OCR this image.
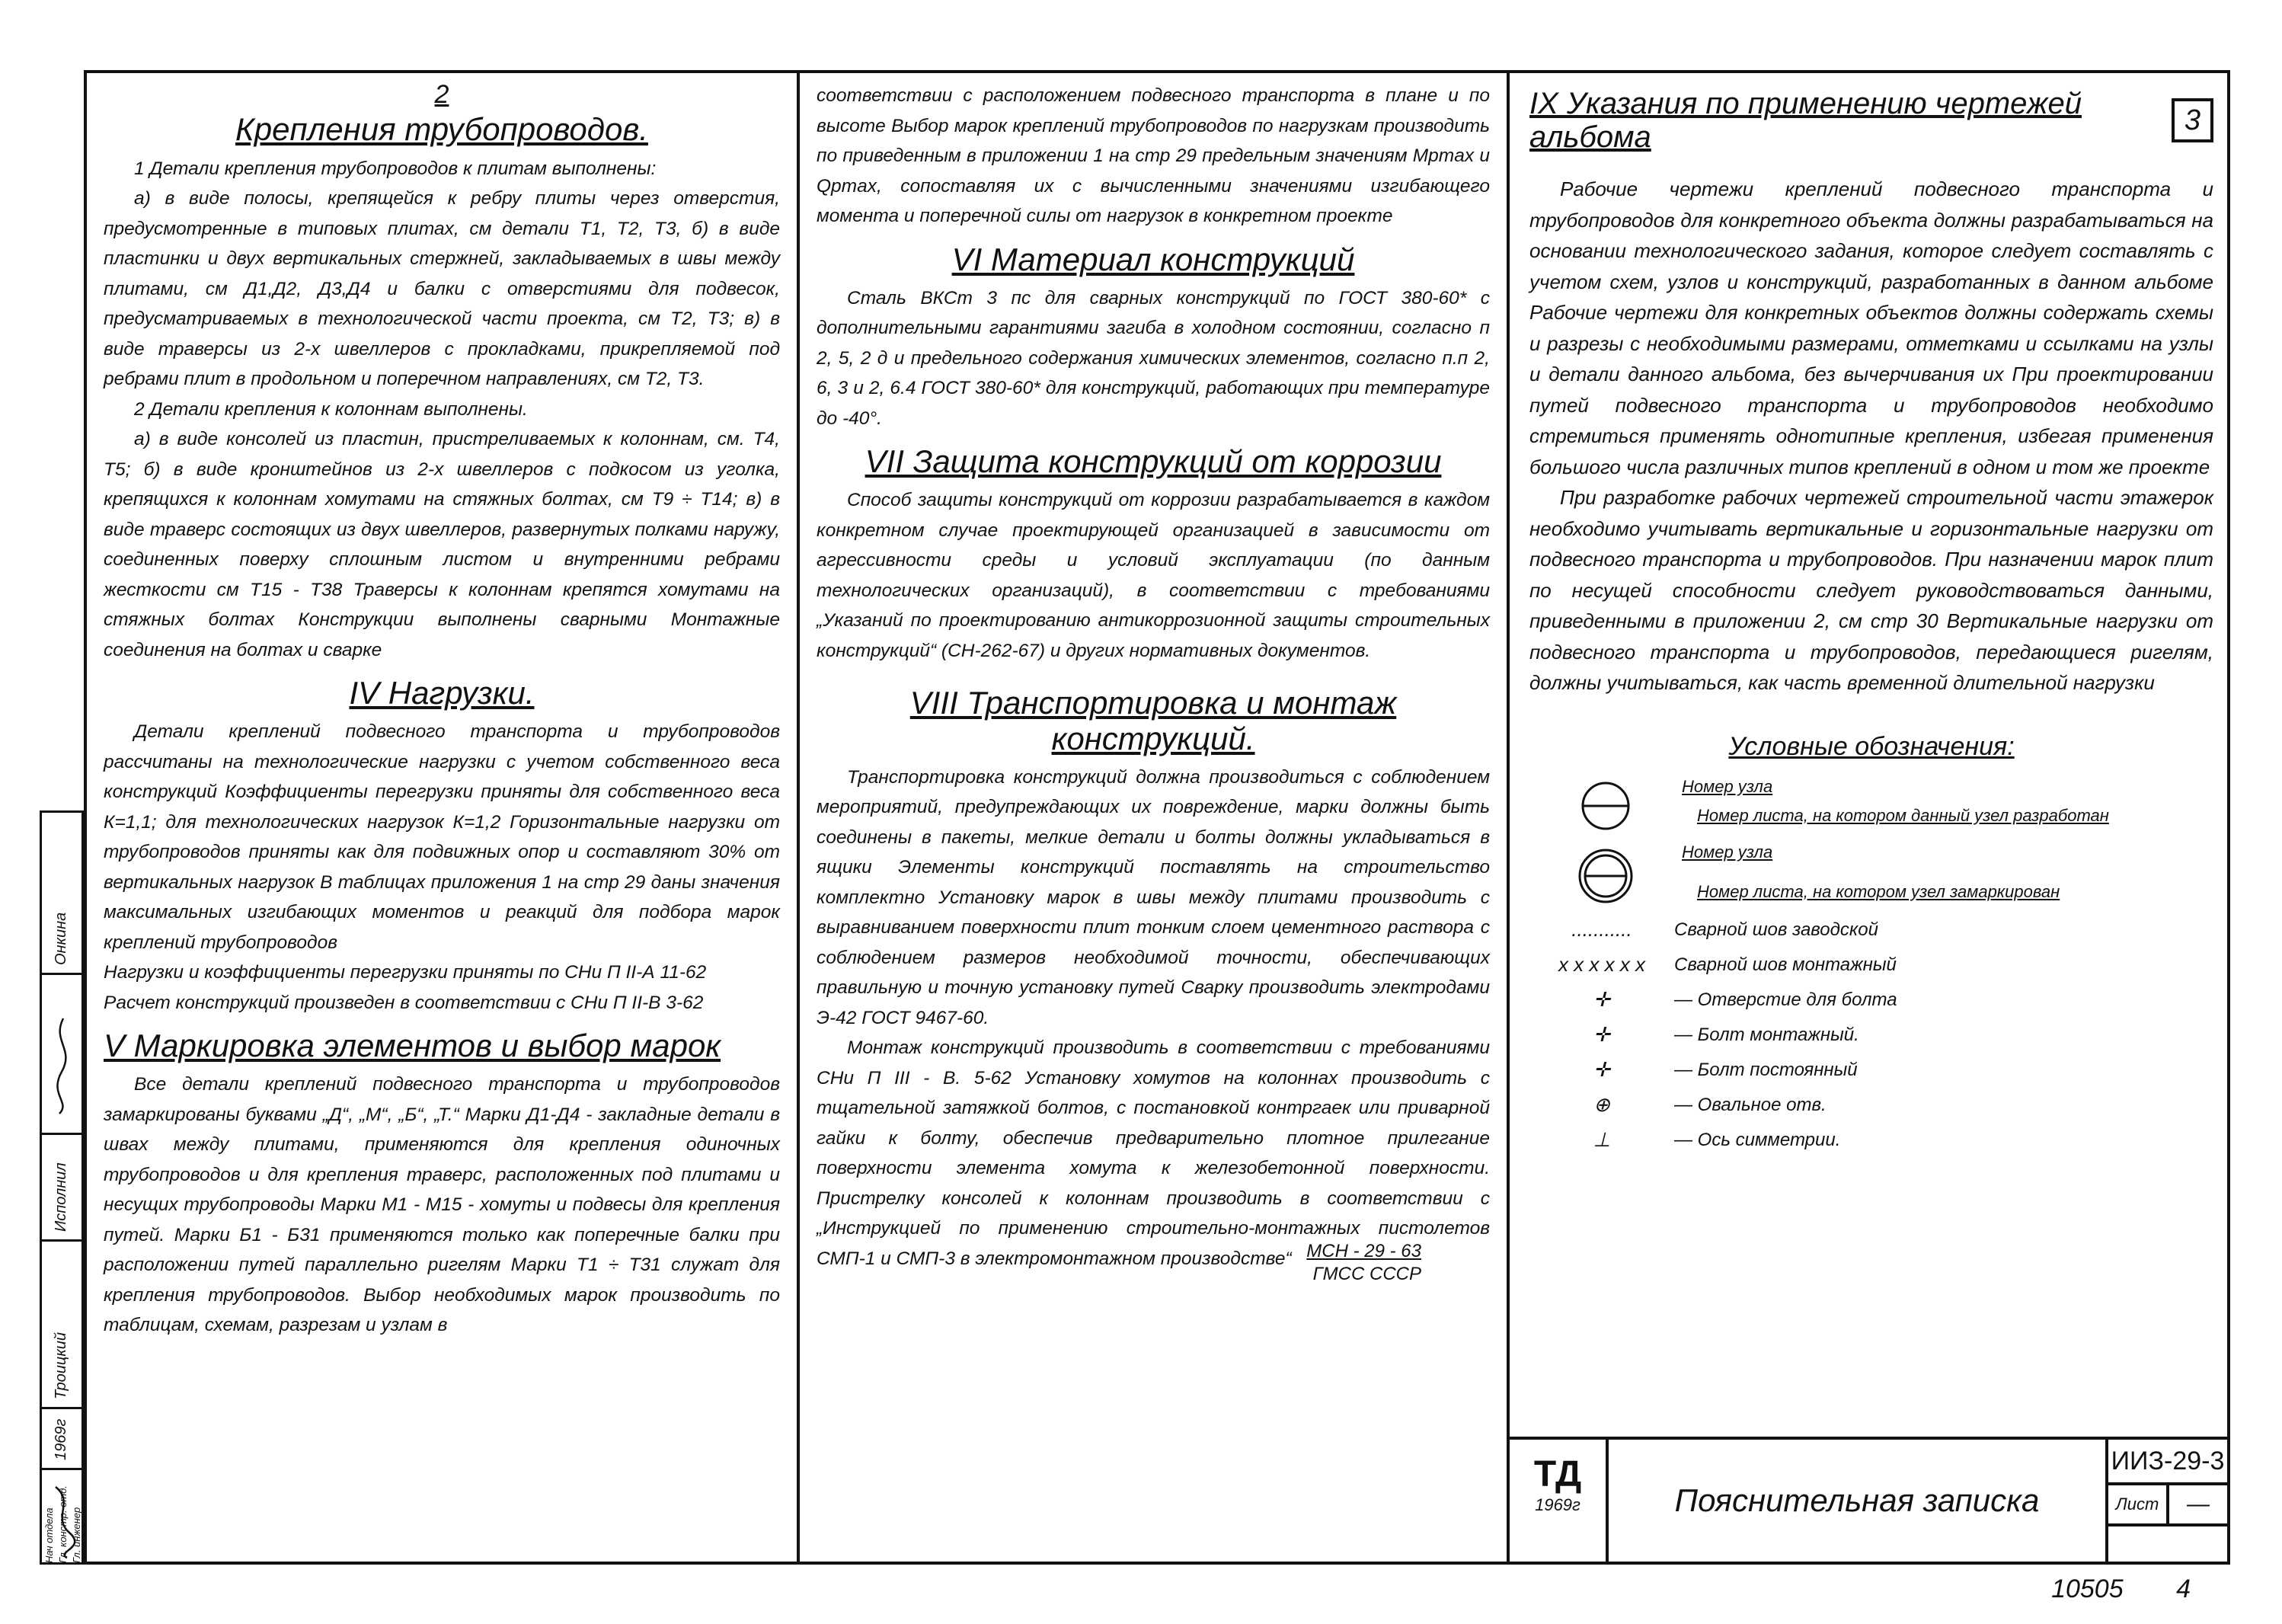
2

Крепления трубопроводов.

1 Детали крепления трубопроводов к плитам выполнены:

а) в виде полосы, крепящейся к ребру плиты через отверстия, предусмотренные в типовых плитах, см детали Т1, Т2, Т3, б) в виде пластинки и двух вертикальных стержней, закладываемых в швы между плитами, см Д1,Д2, Д3,Д4 и балки с отверстиями для подвесок, предусматриваемых в технологической части проекта, см Т2, Т3; в) в виде траверсы из 2-х швеллеров с прокладками, прикрепляемой под ребрами плит в продольном и поперечном направлениях, см Т2, Т3.

2 Детали крепления к колоннам выполнены.

а) в виде консолей из пластин, пристреливаемых к колоннам, см. Т4, Т5; б) в виде кронштейнов из 2-х швеллеров с подкосом из уголка, крепящихся к колоннам хомутами на стяжных болтах, см Т9 ÷ Т14; в) в виде траверс состоящих из двух швеллеров, развернутых полками наружу, соединенных поверху сплошным листом и внутренними ребрами жесткости см Т15 - Т38 Траверсы к колоннам крепятся хомутами на стяжных болтах Конструкции выполнены сварными Монтажные соединения на болтах и сварке

IV Нагрузки.

Детали креплений подвесного транспорта и трубопроводов рассчитаны на технологические нагрузки с учетом собственного веса конструкций Коэффициенты перегрузки приняты для собственного веса К=1,1; для технологических нагрузок К=1,2 Горизонтальные нагрузки от трубопроводов приняты как для подвижных опор и составляют 30% от вертикальных нагрузок В таблицах приложения 1 на стр 29 даны значения максимальных изгибающих моментов и реакций для подбора марок креплений трубопроводов

Нагрузки и коэффициенты перегрузки приняты по СНи П II-А 11-62

Расчет конструкций произведен в соответствии с СНи П II-В 3-62

V Маркировка элементов и выбор марок

Все детали креплений подвесного транспорта и трубопроводов замаркированы буквами „Д“, „М“, „Б“, „Т.“ Марки Д1-Д4 - закладные детали в швах между плитами, применяются для крепления одиночных трубопроводов и для крепления траверс, расположенных под плитами и несущих трубопроводы Марки М1 - М15 - хомуты и подвесы для крепления путей. Марки Б1 - Б31 применяются только как поперечные балки при расположении путей параллельно ригелям Марки Т1 ÷ Т31 служат для крепления трубопроводов. Выбор необходимых марок производить по таблицам, схемам, разрезам и узлам в

соответствии с расположением подвесного транспорта в плане и по высоте Выбор марок креплений трубопроводов по нагрузкам производить по приведенным в приложении 1 на стр 29 предельным значениям Мрmax и Qрmax, сопоставляя их с вычисленными значениями изгибающего момента и поперечной силы от нагрузок в конкретном проекте

VI Материал конструкций

Сталь ВКСт 3 пс для сварных конструкций по ГОСТ 380-60* с дополнительными гарантиями загиба в холодном состоянии, согласно п 2, 5, 2 д и предельного содержания химических элементов, согласно п.п 2, 6, 3 и 2, 6.4 ГОСТ 380-60* для конструкций, работающих при температуре до -40°.

VII Защита конструкций от коррозии

Способ защиты конструкций от коррозии разрабатывается в каждом конкретном случае проектирующей организацией в зависимости от агрессивности среды и условий эксплуатации (по данным технологических организаций), в соответствии с требованиями „Указаний по проектированию антикоррозионной защиты строительных конструкций“ (СН-262-67) и других нормативных документов.

VIII Транспортировка и монтаж конструкций.

Транспортировка конструкций должна производиться с соблюдением мероприятий, предупреждающих их повреждение, марки должны быть соединены в пакеты, мелкие детали и болты должны укладываться в ящики Элементы конструкций поставлять на строительство комплектно Установку марок в швы между плитами производить с выравниванием поверхности плит тонким слоем цементного раствора с соблюдением размеров необходимой точности, обеспечивающих правильную и точную установку путей Сварку производить электродами Э-42 ГОСТ 9467-60.

Монтаж конструкций производить в соответствии с требованиями СНи П III - В. 5-62 Установку хомутов на колоннах производить с тщательной затяжкой болтов, с постановкой контргаек или приварной гайки к болту, обеспечив предварительно плотное прилегание поверхности элемента хомута к железобетонной поверхности. Пристрелку консолей к колоннам производить в соответствии с „Инструкцией по применению строительно-монтажных пистолетов СМП-1 и СМП-3 в электромонтажном производстве“ МСН - 29 - 63
ГМСС СССР

IX Указания по применению чертежей альбома

3

Рабочие чертежи креплений подвесного транспорта и трубопроводов для конкретного объекта должны разрабатываться на основании технологического задания, которое следует составлять с учетом схем, узлов и конструкций, разработанных в данном альбоме Рабочие чертежи для конкретных объектов должны содержать схемы и разрезы с необходимыми размерами, отметками и ссылками на узлы и детали данного альбома, без вычерчивания их При проектировании путей подвесного транспорта и трубопроводов необходимо стремиться применять однотипные крепления, избегая применения большого числа различных типов креплений в одном и том же проекте

При разработке рабочих чертежей строительной части этажерок необходимо учитывать вертикальные и горизонтальные нагрузки от подвесного транспорта и трубопроводов. При назначении марок плит по несущей способности следует руководствоваться данными, приведенными в приложении 2, см стр 30 Вертикальные нагрузки от подвесного транспорта и трубопроводов, передающиеся ригелям, должны учитываться, как часть временной длительной нагрузки

Условные обозначения:

Номер узла
Номер листа, на котором данный узел разработан
Номер узла
Номер листа, на котором узел замаркирован
...........	Сварной шов заводской
x x x x x x	Сварной шов монтажный
✛	— Отверстие для болта
✛	— Болт монтажный.
✛	— Болт постоянный
⊕	— Овальное отв.
⊥	— Ось симметрии.
ТД
1969г	Пояснительная записка
ИИЗ-29-3
Лист	—
Онкина
Исполнил
Троицкий
1969г
Нач отдела Гл. констр. отд. Гл. инженер
10505 4
